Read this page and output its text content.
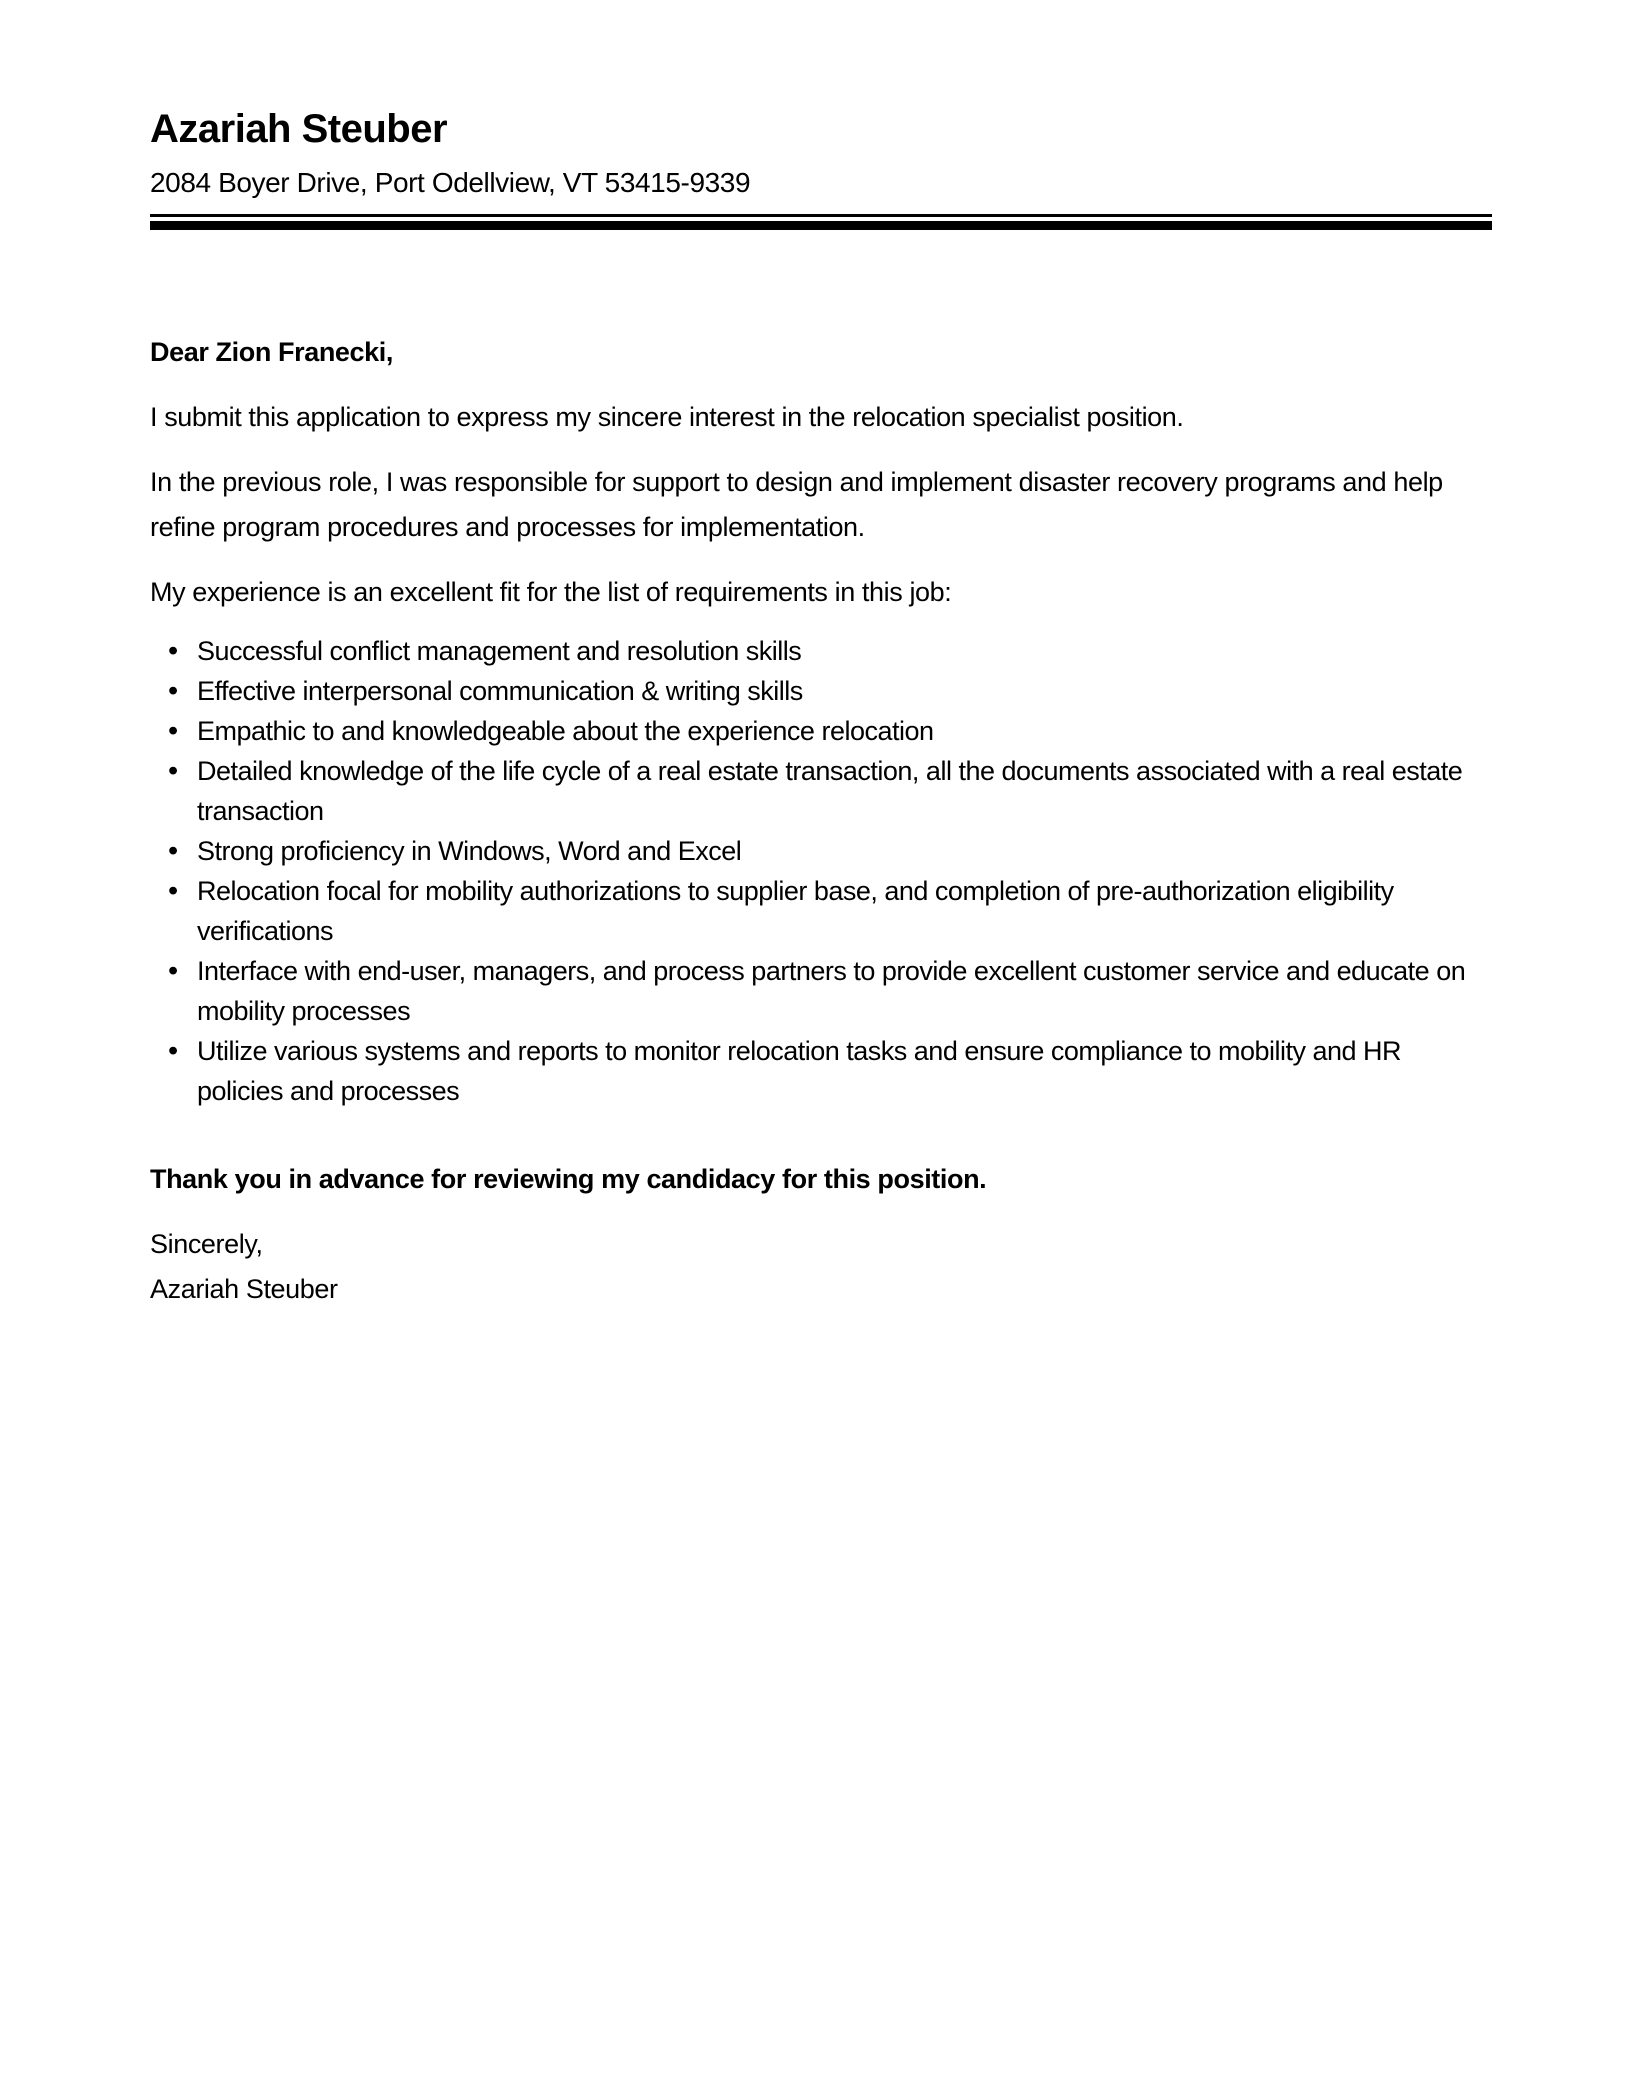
Azariah Steuber
2084 Boyer Drive, Port Odellview, VT 53415-9339
Dear Zion Franecki,

I submit this application to express my sincere interest in the relocation specialist position.

In the previous role, I was responsible for support to design and implement disaster recovery programs and help refine program procedures and processes for implementation.

My experience is an excellent fit for the list of requirements in this job:

• Successful conflict management and resolution skills
• Effective interpersonal communication & writing skills
• Empathic to and knowledgeable about the experience relocation
• Detailed knowledge of the life cycle of a real estate transaction, all the documents associated with a real estate transaction
• Strong proficiency in Windows, Word and Excel
• Relocation focal for mobility authorizations to supplier base, and completion of pre-authorization eligibility verifications
• Interface with end-user, managers, and process partners to provide excellent customer service and educate on mobility processes
• Utilize various systems and reports to monitor relocation tasks and ensure compliance to mobility and HR policies and processes

Thank you in advance for reviewing my candidacy for this position.

Sincerely,
Azariah Steuber
